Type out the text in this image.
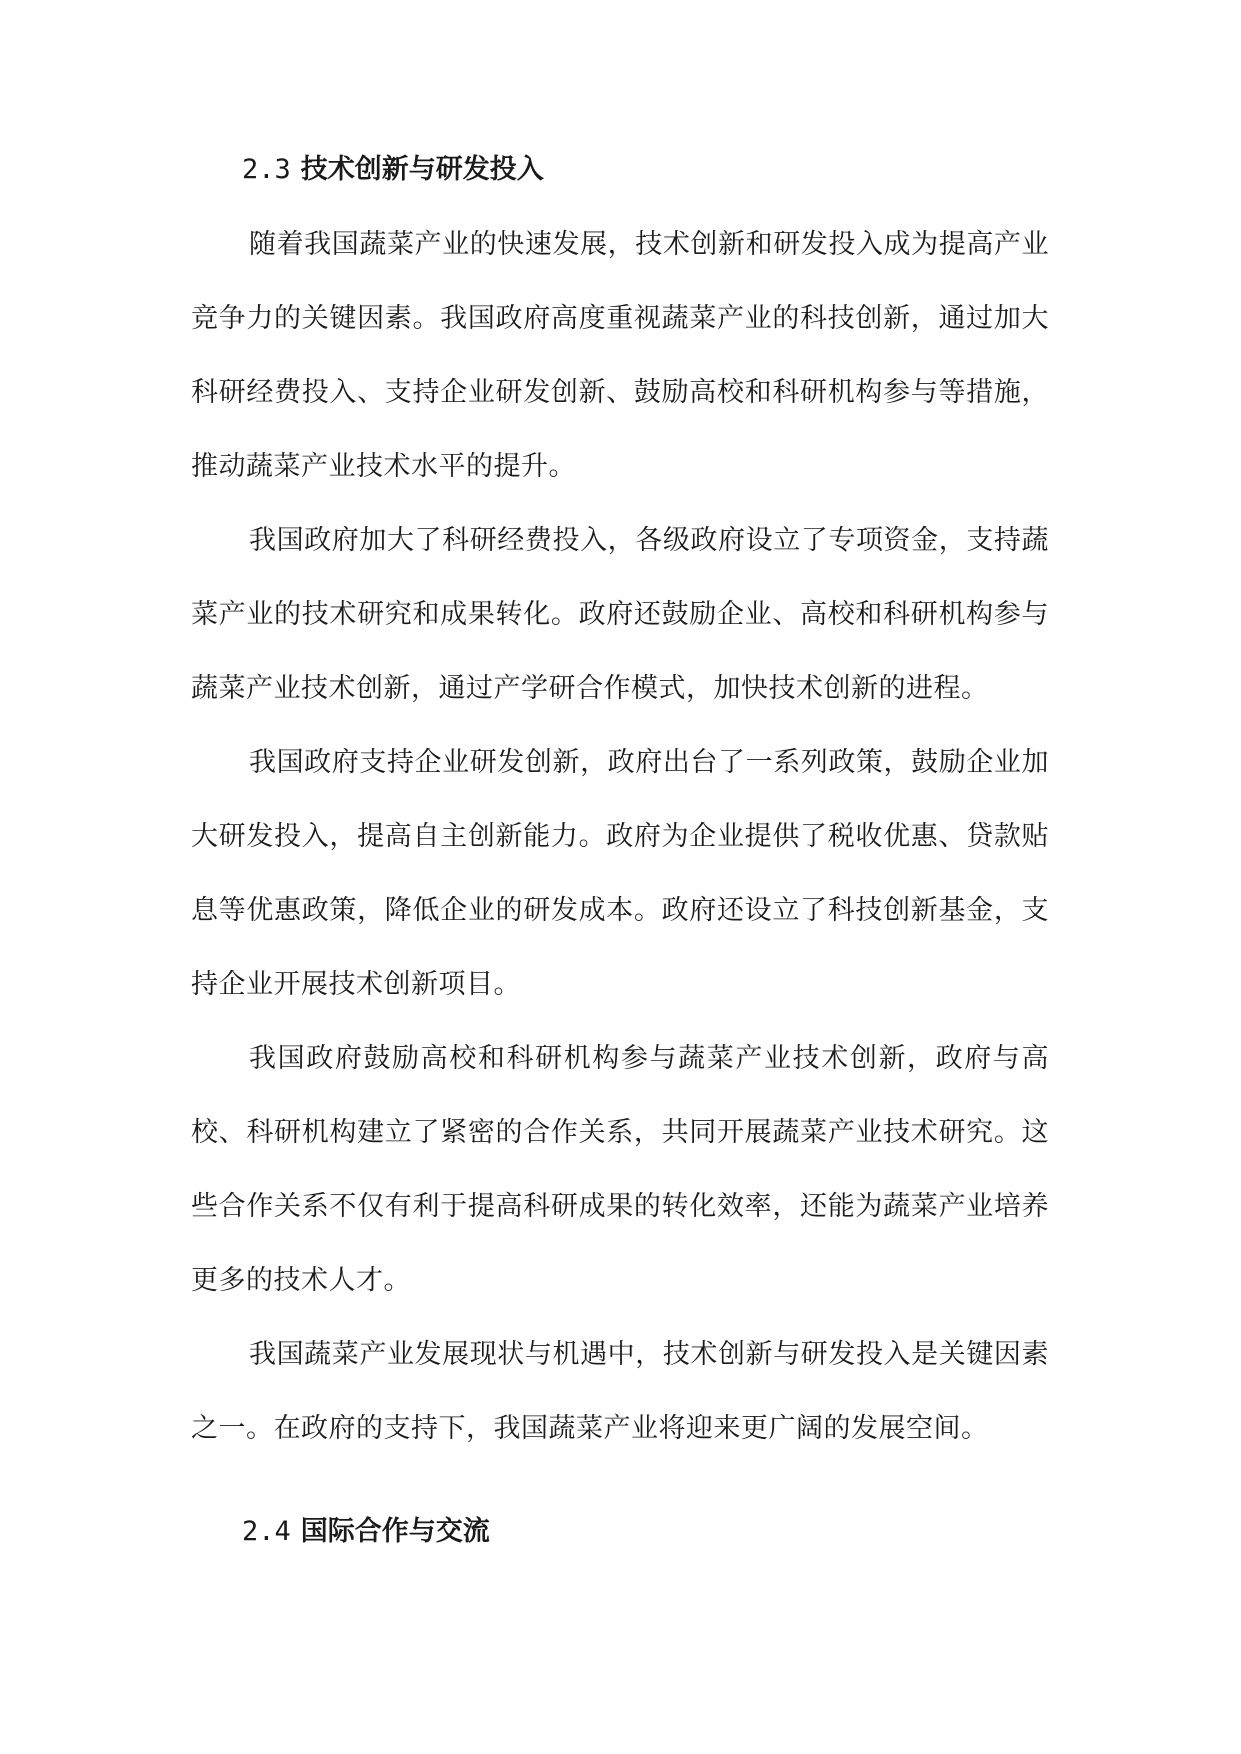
2.3 技术创新与研发投入

随着我国蔬菜产业的快速发展，技术创新和研发投入成为提高产业竞争力的关键因素。我国政府高度重视蔬菜产业的科技创新，通过加大科研经费投入、支持企业研发创新、鼓励高校和科研机构参与等措施，推动蔬菜产业技术水平的提升。

我国政府加大了科研经费投入，各级政府设立了专项资金，支持蔬菜产业的技术研究和成果转化。政府还鼓励企业、高校和科研机构参与蔬菜产业技术创新，通过产学研合作模式，加快技术创新的进程。

我国政府支持企业研发创新，政府出台了一系列政策，鼓励企业加大研发投入，提高自主创新能力。政府为企业提供了税收优惠、贷款贴息等优惠政策，降低企业的研发成本。政府还设立了科技创新基金，支持企业开展技术创新项目。

我国政府鼓励高校和科研机构参与蔬菜产业技术创新，政府与高校、科研机构建立了紧密的合作关系，共同开展蔬菜产业技术研究。这些合作关系不仅有利于提高科研成果的转化效率，还能为蔬菜产业培养更多的技术人才。

我国蔬菜产业发展现状与机遇中，技术创新与研发投入是关键因素之一。在政府的支持下，我国蔬菜产业将迎来更广阔的发展空间。

2.4 国际合作与交流
